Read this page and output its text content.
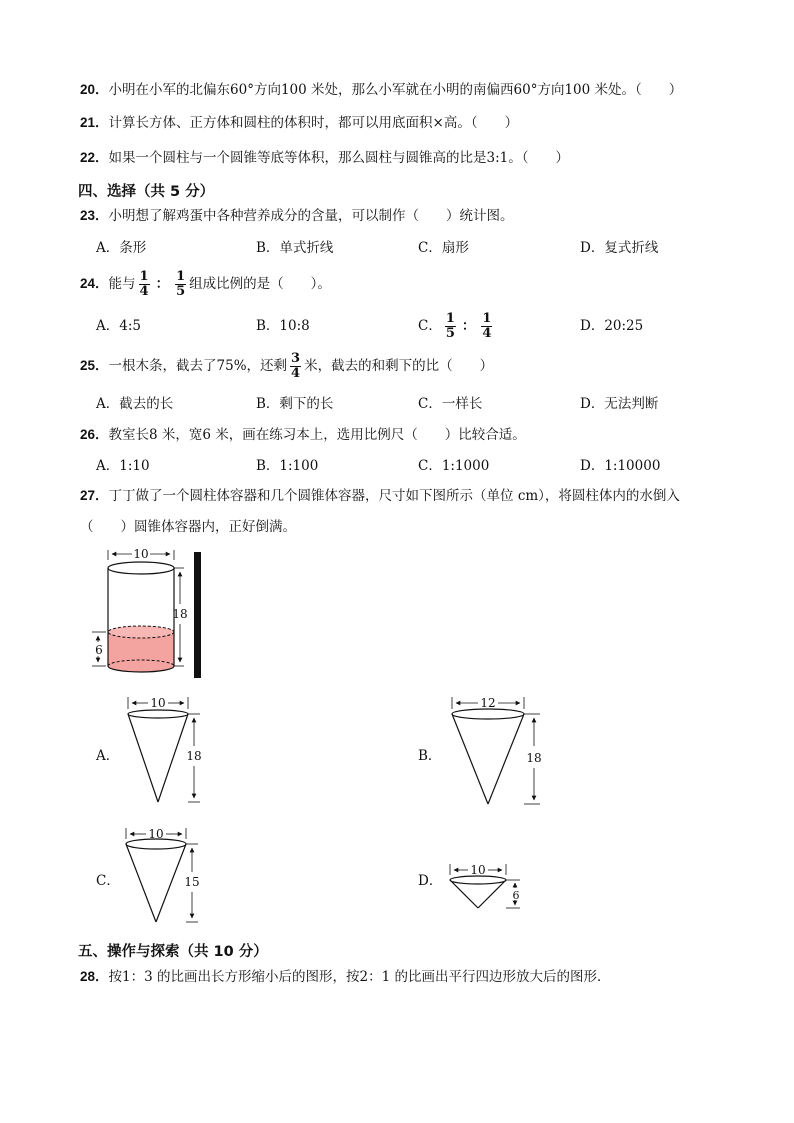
20．小明在小军的北偏东60°方向100 米处，那么小军就在小明的南偏西60°方向100 米处。（　　）
21．计算长方体、正方体和圆柱的体积时，都可以用底面积×高。（　　）
22．如果一个圆柱与一个圆锥等底等体积，那么圆柱与圆锥高的比是3:1。（　　）
四、选择（共 5 分）
23．小明想了解鸡蛋中各种营养成分的含量，可以制作（　　）统计图。
A．条形	B．单式折线	C．扇形	D．复式折线
24．能与 $\frac{1}{4}$ ： $\frac{1}{5}$ 组成比例的是（　　）。
A．4:5	B．10:8	C． $\frac{1}{5}$ ： $\frac{1}{4}$	D．20:25
25．一根木条，截去了75%，还剩 $\frac{3}{4}$ 米，截去的和剩下的比（　　）
A．截去的长	B．剩下的长	C．一样长	D．无法判断
26．教室长8 米，宽6 米，画在练习本上，选用比例尺（　　）比较合适。
A．1:10	B．1:100	C．1:1000	D．1:10000
27．丁丁做了一个圆柱体容器和几个圆锥体容器，尺寸如下图所示（单位 cm），将圆柱体内的水倒入
（　　）圆锥体容器内，正好倒满。
10
18
6
A．
10
18	B．
12
18
C．
10
15	D．
10
6
五、操作与探索（共 10 分）
28．按1：3 的比画出长方形缩小后的图形，按2：1 的比画出平行四边形放大后的图形．
